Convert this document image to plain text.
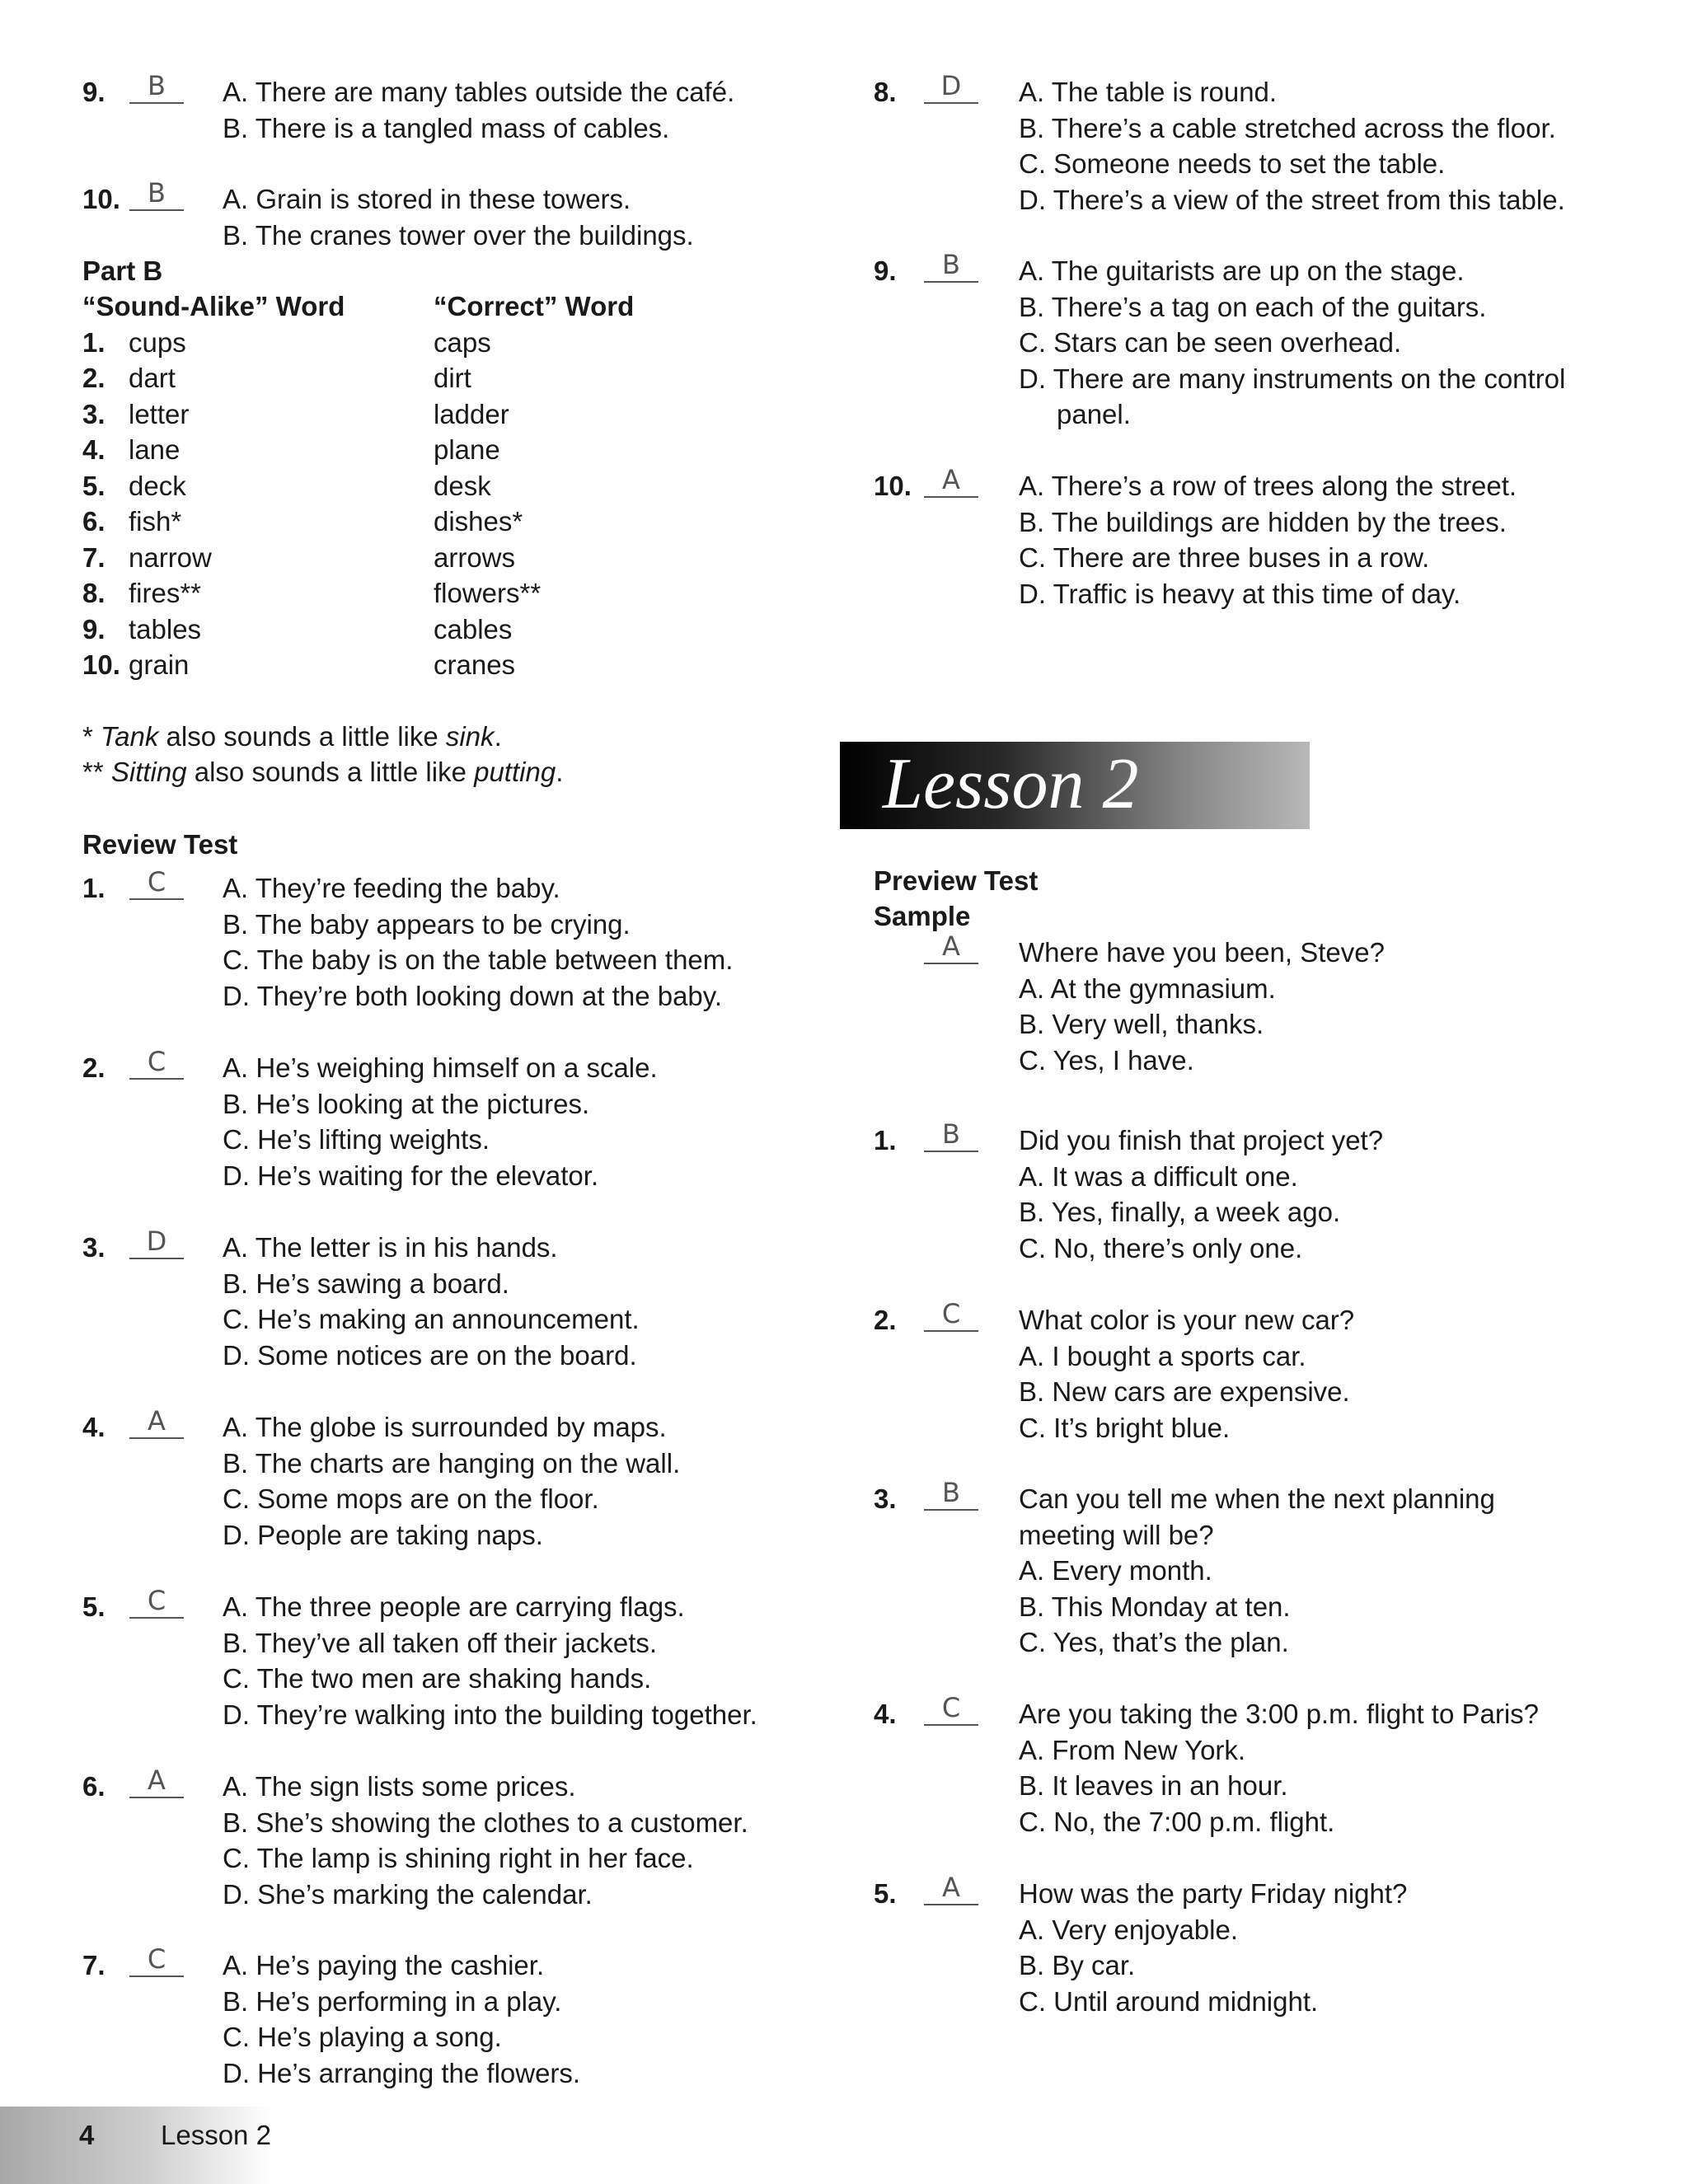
9.	B	A. There are many tables outside the café.
B. There is a tangled mass of cables.
10.	B	A. Grain is stored in these towers.
B. The cranes tower over the buildings.
Part B
“Sound-Alike” Word	“Correct” Word
1. cups	caps
2. dart	dirt
3. letter	ladder
4. lane	plane
5. deck	desk
6. fish*	dishes*
7. narrow	arrows
8. fires**	flowers**
9. tables	cables
10. grain	cranes
* Tank also sounds a little like sink.
** Sitting also sounds a little like putting.
Review Test
1.	C	A. They’re feeding the baby.
B. The baby appears to be crying.
C. The baby is on the table between them.
D. They’re both looking down at the baby.
2.	C	A. He’s weighing himself on a scale.
B. He’s looking at the pictures.
C. He’s lifting weights.
D. He’s waiting for the elevator.
3.	D	A. The letter is in his hands.
B. He’s sawing a board.
C. He’s making an announcement.
D. Some notices are on the board.
4.	A	A. The globe is surrounded by maps.
B. The charts are hanging on the wall.
C. Some mops are on the floor.
D. People are taking naps.
5.	C	A. The three people are carrying flags.
B. They’ve all taken off their jackets.
C. The two men are shaking hands.
D. They’re walking into the building together.
6.	A	A. The sign lists some prices.
B. She’s showing the clothes to a customer.
C. The lamp is shining right in her face.
D. She’s marking the calendar.
7.	C	A. He’s paying the cashier.
B. He’s performing in a play.
C. He’s playing a song.
D. He’s arranging the flowers.
8.	D	A. The table is round.
B. There’s a cable stretched across the floor.
C. Someone needs to set the table.
D. There’s a view of the street from this table.
9.	B	A. The guitarists are up on the stage.
B. There’s a tag on each of the guitars.
C. Stars can be seen overhead.
D. There are many instruments on the control
panel.
10.	A	A. There’s a row of trees along the street.
B. The buildings are hidden by the trees.
C. There are three buses in a row.
D. Traffic is heavy at this time of day.
Preview Test
Sample
A	Where have you been, Steve?
A. At the gymnasium.
B. Very well, thanks.
C. Yes, I have.
1.	B	Did you finish that project yet?
A. It was a difficult one.
B. Yes, finally, a week ago.
C. No, there’s only one.
2.	C	What color is your new car?
A. I bought a sports car.
B. New cars are expensive.
C. It’s bright blue.
3.	B	Can you tell me when the next planning
meeting will be?
A. Every month.
B. This Monday at ten.
C. Yes, that’s the plan.
4.	C	Are you taking the 3:00 p.m. flight to Paris?
A. From New York.
B. It leaves in an hour.
C. No, the 7:00 p.m. flight.
5.	A	How was the party Friday night?
A. Very enjoyable.
B. By car.
C. Until around midnight.
Lesson 2
4 Lesson 2
